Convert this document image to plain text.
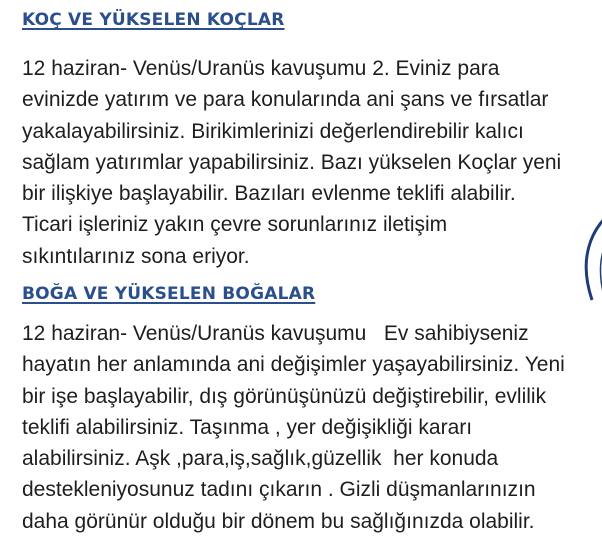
KOÇ VE YÜKSELEN KOÇLAR

12 haziran- Venüs/Uranüs kavuşumu 2. Eviniz para
evinizde yatırım ve para konularında ani şans ve fırsatlar
yakalayabilirsiniz. Birikimlerinizi değerlendirebilir kalıcı
sağlam yatırımlar yapabilirsiniz. Bazı yükselen Koçlar yeni
bir ilişkiye başlayabilir. Bazıları evlenme teklifi alabilir.
Ticari işleriniz yakın çevre sorunlarınız iletişim
sıkıntılarınız sona eriyor.

BOĞA VE YÜKSELEN BOĞALAR

12 haziran- Venüs/Uranüs kavuşumu   Ev sahibiyseniz
hayatın her anlamında ani değişimler yaşayabilirsiniz. Yeni
bir işe başlayabilir, dış görünüşünüzü değiştirebilir, evlilik
teklifi alabilirsiniz. Taşınma , yer değişikliği kararı
alabilirsiniz. Aşk ,para,iş,sağlık,güzellik  her konuda
destekleniyosunuz tadını çıkarın . Gizli düşmanlarınızın
daha görünür olduğu bir dönem bu sağlığınızda olabilir.
